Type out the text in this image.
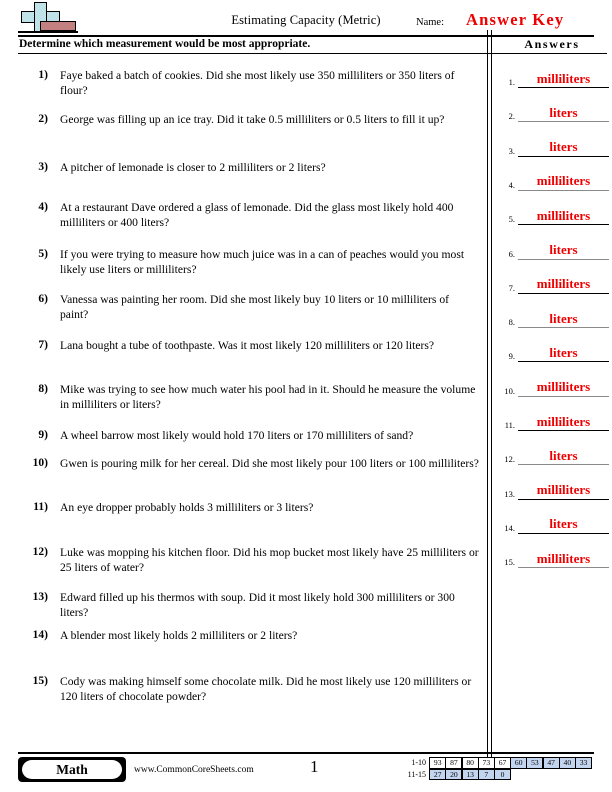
Estimating Capacity (Metric)	Name: Answer Key
Determine which measurement would be most appropriate.	Answers
1)	Faye baked a batch of cookies. Did she most likely use 350 milliliters or 350 liters of flour?
2)	George was filling up an ice tray. Did it take 0.5 milliliters or 0.5 liters to fill it up?
3)	A pitcher of lemonade is closer to 2 milliliters or 2 liters?
4)	At a restaurant Dave ordered a glass of lemonade. Did the glass most likely hold 400 milliliters or 400 liters?
5)	If you were trying to measure how much juice was in a can of peaches would you most likely use liters or milliliters?
6)	Vanessa was painting her room. Did she most likely buy 10 liters or 10 milliliters of paint?
7)	Lana bought a tube of toothpaste. Was it most likely 120 milliliters or 120 liters?
8)	Mike was trying to see how much water his pool had in it. Should he measure the volume in milliliters or liters?
9)	A wheel barrow most likely would hold 170 liters or 170 milliliters of sand?
10)	Gwen is pouring milk for her cereal. Did she most likely pour 100 liters or 100 milliliters?
11)	An eye dropper probably holds 3 milliliters or 3 liters?
12)	Luke was mopping his kitchen floor. Did his mop bucket most likely have 25 milliliters or 25 liters of water?
13)	Edward filled up his thermos with soup. Did it most likely hold 300 milliliters or 300 liters?
14)	A blender most likely holds 2 milliliters or 2 liters?
15)	Cody was making himself some chocolate milk. Did he most likely use 120 milliliters or 120 liters of chocolate powder?
1.	milliliters
2.	liters
3.	liters
4.	milliliters
5.	milliliters
6.	liters
7.	milliliters
8.	liters
9.	liters
10.	milliliters
11.	milliliters
12.	liters
13.	milliliters
14.	liters
15.	milliliters
Math	www.CommonCoreSheets.com	1	1-10	93	87	80	73	67	60	53	47	40	33
11-15	27	20	13	7	0
